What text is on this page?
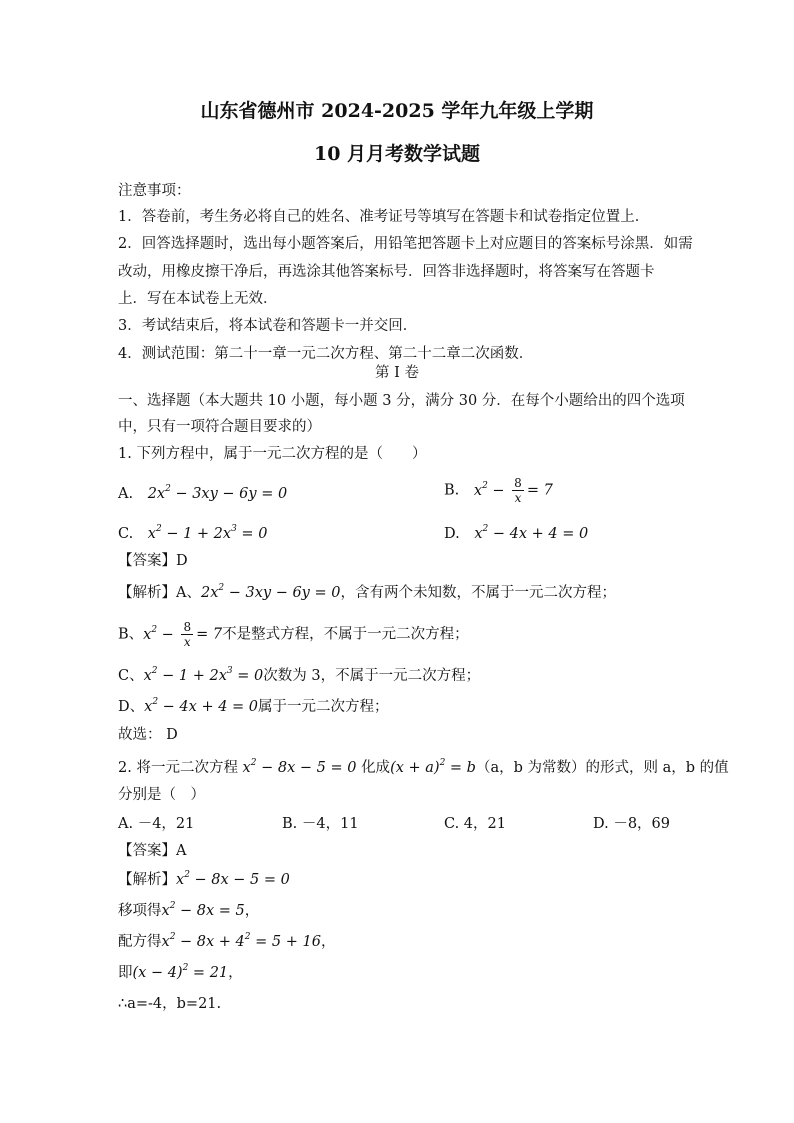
山东省德州市 2024-2025 学年九年级上学期
10 月月考数学试题
注意事项：
1．答卷前，考生务必将自己的姓名、准考证号等填写在答题卡和试卷指定位置上．
2．回答选择题时，选出每小题答案后，用铅笔把答题卡上对应题目的答案标号涂黑．如需
改动，用橡皮擦干净后，再选涂其他答案标号．回答非选择题时，将答案写在答题卡
上．写在本试卷上无效．
3．考试结束后，将本试卷和答题卡一并交回．
4．测试范围：第二十一章一元二次方程、第二十二章二次函数．
第 I 卷
一、选择题（本大题共 10 小题，每小题 3 分，满分 30 分．在每个小题给出的四个选项
中，只有一项符合题目要求的）
1. 下列方程中，属于一元二次方程的是（　　）
A. $2x^2 - 3xy - 6y = 0$	B. $x^2 - \frac{8}{x} = 7$
C. $x^2 - 1 + 2x^3 = 0$	D. $x^2 - 4x + 4 = 0$
【答案】D
【解析】A、$2x^2 - 3xy - 6y = 0$，含有两个未知数，不属于一元二次方程；
B、$x^2 - \frac{8}{x} = 7$不是整式方程，不属于一元二次方程；
C、$x^2 - 1 + 2x^3 = 0$次数为 3，不属于一元二次方程；
D、$x^2 - 4x + 4 = 0$属于一元二次方程；
故选： D
2. 将一元二次方程 $x^2 - 8x - 5 = 0$ 化成$(x + a)^2 = b(a$，b 为常数）的形式，则 a，b 的值
分别是（　）
A. －4，21	B. －4，11	C. 4，21	D. －8，69
【答案】A
【解析】$x^2 - 8x - 5 = 0$
移项得$x^2 - 8x = 5$，
配方得$x^2 - 8x + 4^2 = 5 + 16$，
即$(x - 4)^2 = 21$，
∴a=-4，b=21.
